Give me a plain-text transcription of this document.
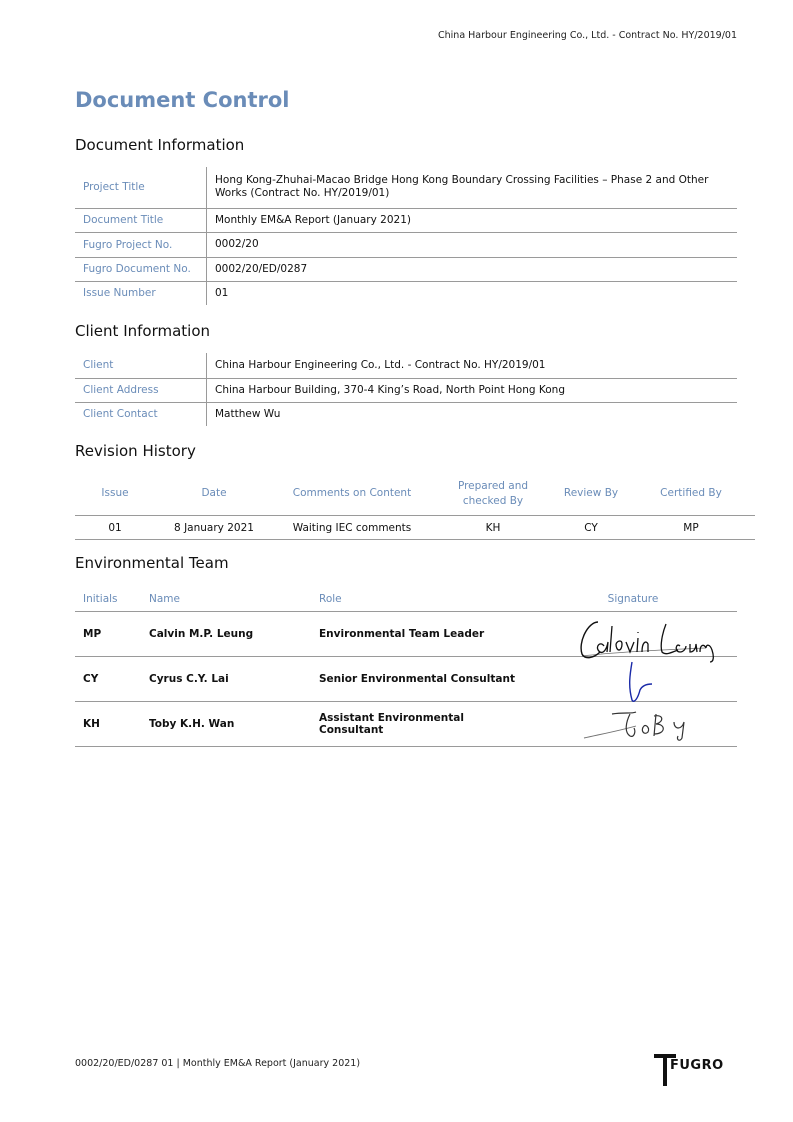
China Harbour Engineering Co., Ltd. - Contract No. HY/2019/01
Document Control
Document Information
Project Title	Hong Kong-Zhuhai-Macao Bridge Hong Kong Boundary Crossing Facilities – Phase 2 and Other Works (Contract No. HY/2019/01)
Document Title	Monthly EM&A Report (January 2021)
Fugro Project No.	0002/20
Fugro Document No.	0002/20/ED/0287
Issue Number	01
Client Information
Client	China Harbour Engineering Co., Ltd. - Contract No. HY/2019/01
Client Address	China Harbour Building, 370-4 King’s Road, North Point Hong Kong
Client Contact	Matthew Wu
Revision History
Issue	Date	Comments on Content	Prepared and checked By	Review By	Certified By
01	8 January 2021	Waiting IEC comments	KH	CY	MP
Environmental Team
Initials	Name	Role	Signature
MP	Calvin M.P. Leung	Environmental Team Leader	
CY	Cyrus C.Y. Lai	Senior Environmental Consultant	
KH	Toby K.H. Wan	Assistant Environmental Consultant	
0002/20/ED/0287 01 | Monthly EM&A Report (January 2021)	FUGRO
